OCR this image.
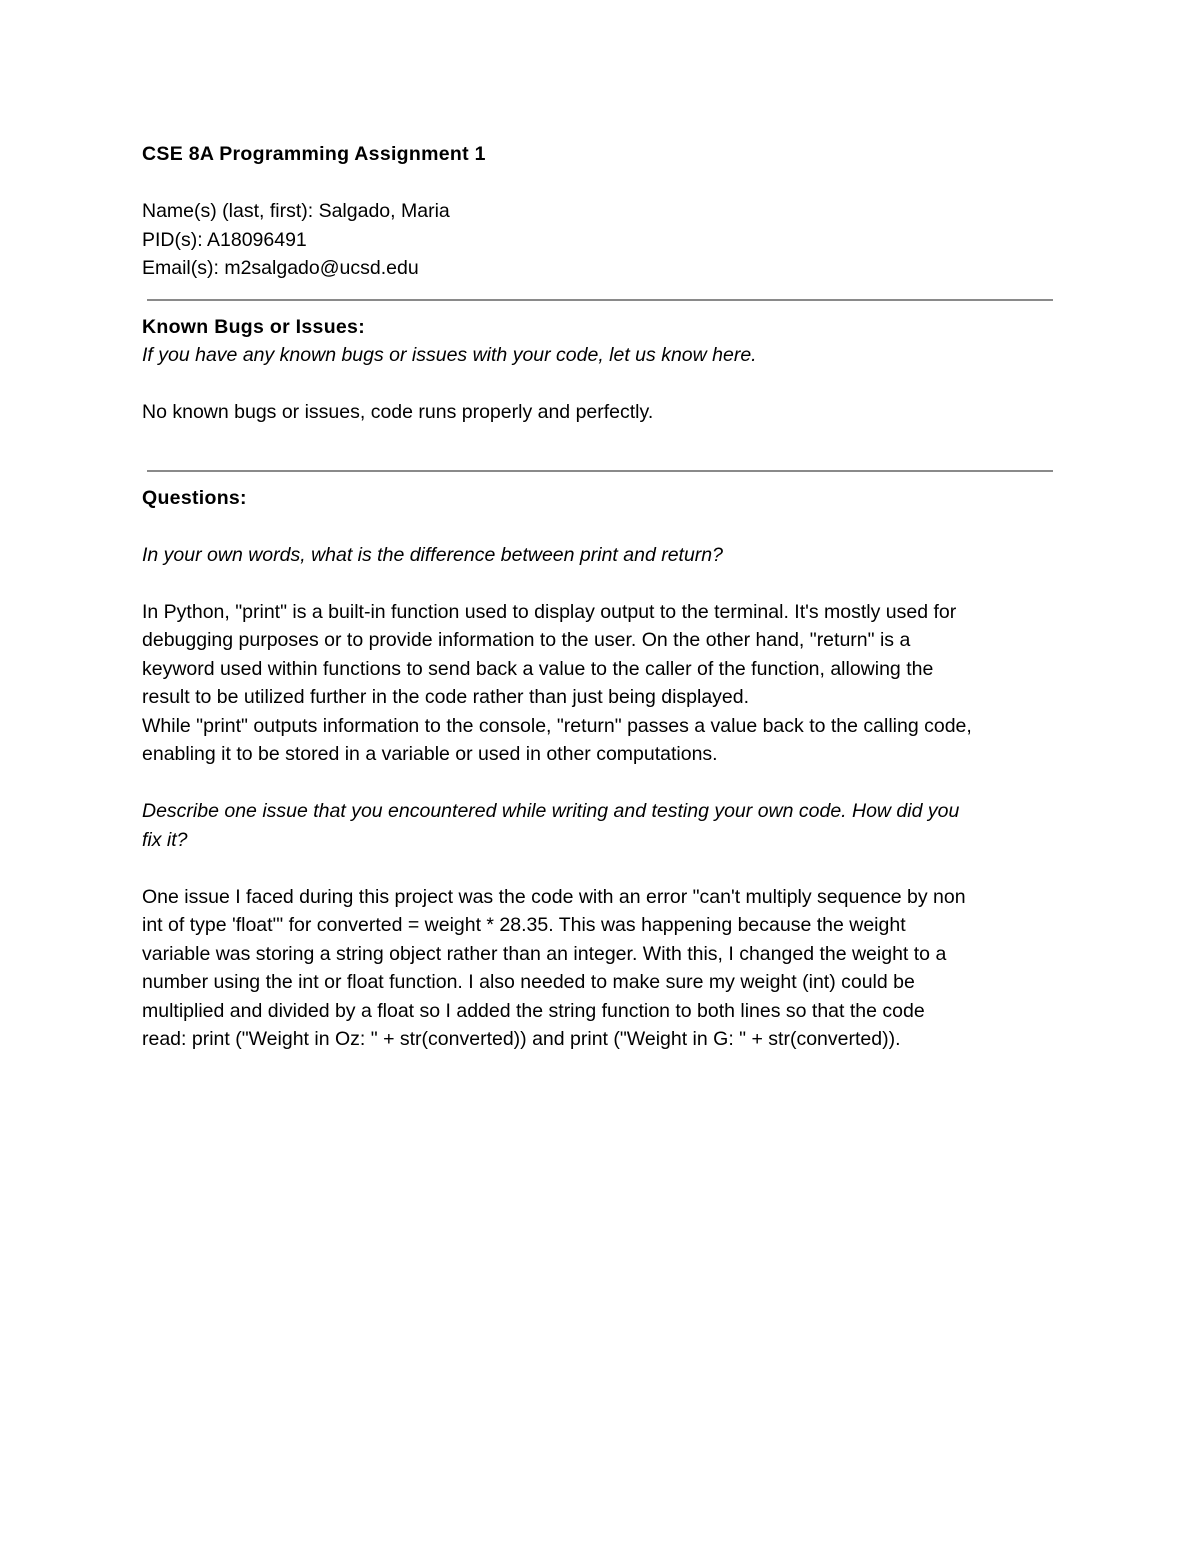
CSE 8A Programming Assignment 1

Name(s) (last, first): Salgado, Maria

PID(s): A18096491

Email(s): m2salgado@ucsd.edu

Known Bugs or Issues:

If you have any known bugs or issues with your code, let us know here.

No known bugs or issues, code runs properly and perfectly.

Questions:

In your own words, what is the difference between print and return?

In Python, "print" is a built-in function used to display output to the terminal. It's mostly used for

debugging purposes or to provide information to the user. On the other hand, "return" is a

keyword used within functions to send back a value to the caller of the function, allowing the

result to be utilized further in the code rather than just being displayed.

While "print" outputs information to the console, "return" passes a value back to the calling code,

enabling it to be stored in a variable or used in other computations.

Describe one issue that you encountered while writing and testing your own code. How did you

fix it?

One issue I faced during this project was the code with an error "can't multiply sequence by non

int of type 'float'" for converted = weight * 28.35. This was happening because the weight

variable was storing a string object rather than an integer. With this, I changed the weight to a

number using the int or float function. I also needed to make sure my weight (int) could be

multiplied and divided by a float so I added the string function to both lines so that the code

read: print ("Weight in Oz: " + str(converted)) and print ("Weight in G: " + str(converted)).
